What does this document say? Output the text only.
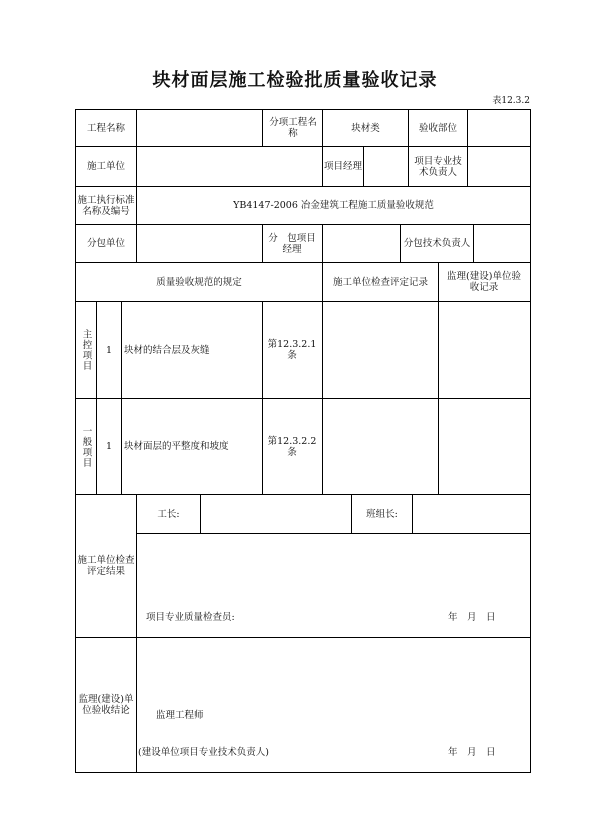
块材面层施工检验批质量验收记录
表12.3.2
工程名称	分项工程名称	块材类	验收部位
施工单位	项目经理	项目专业技术负责人
施工执行标准名称及编号	YB4147-2006 冶金建筑工程施工质量验收规范
分包单位	分　包项目经理	分包技术负责人
质量验收规范的规定	施工单位检查评定记录	监理(建设)单位验收记录
主控项目	1	块材的结合层及灰缝	第12.3.2.1条
一般项目	1	块材面层的平整度和坡度	第12.3.2.2条
施工单位检查评定结果
工长:	班组长:
项目专业质量检查员:	年　月　日
监理(建设)单位验收结论	监理工程师
(建设单位项目专业技术负责人)	年　月　日
